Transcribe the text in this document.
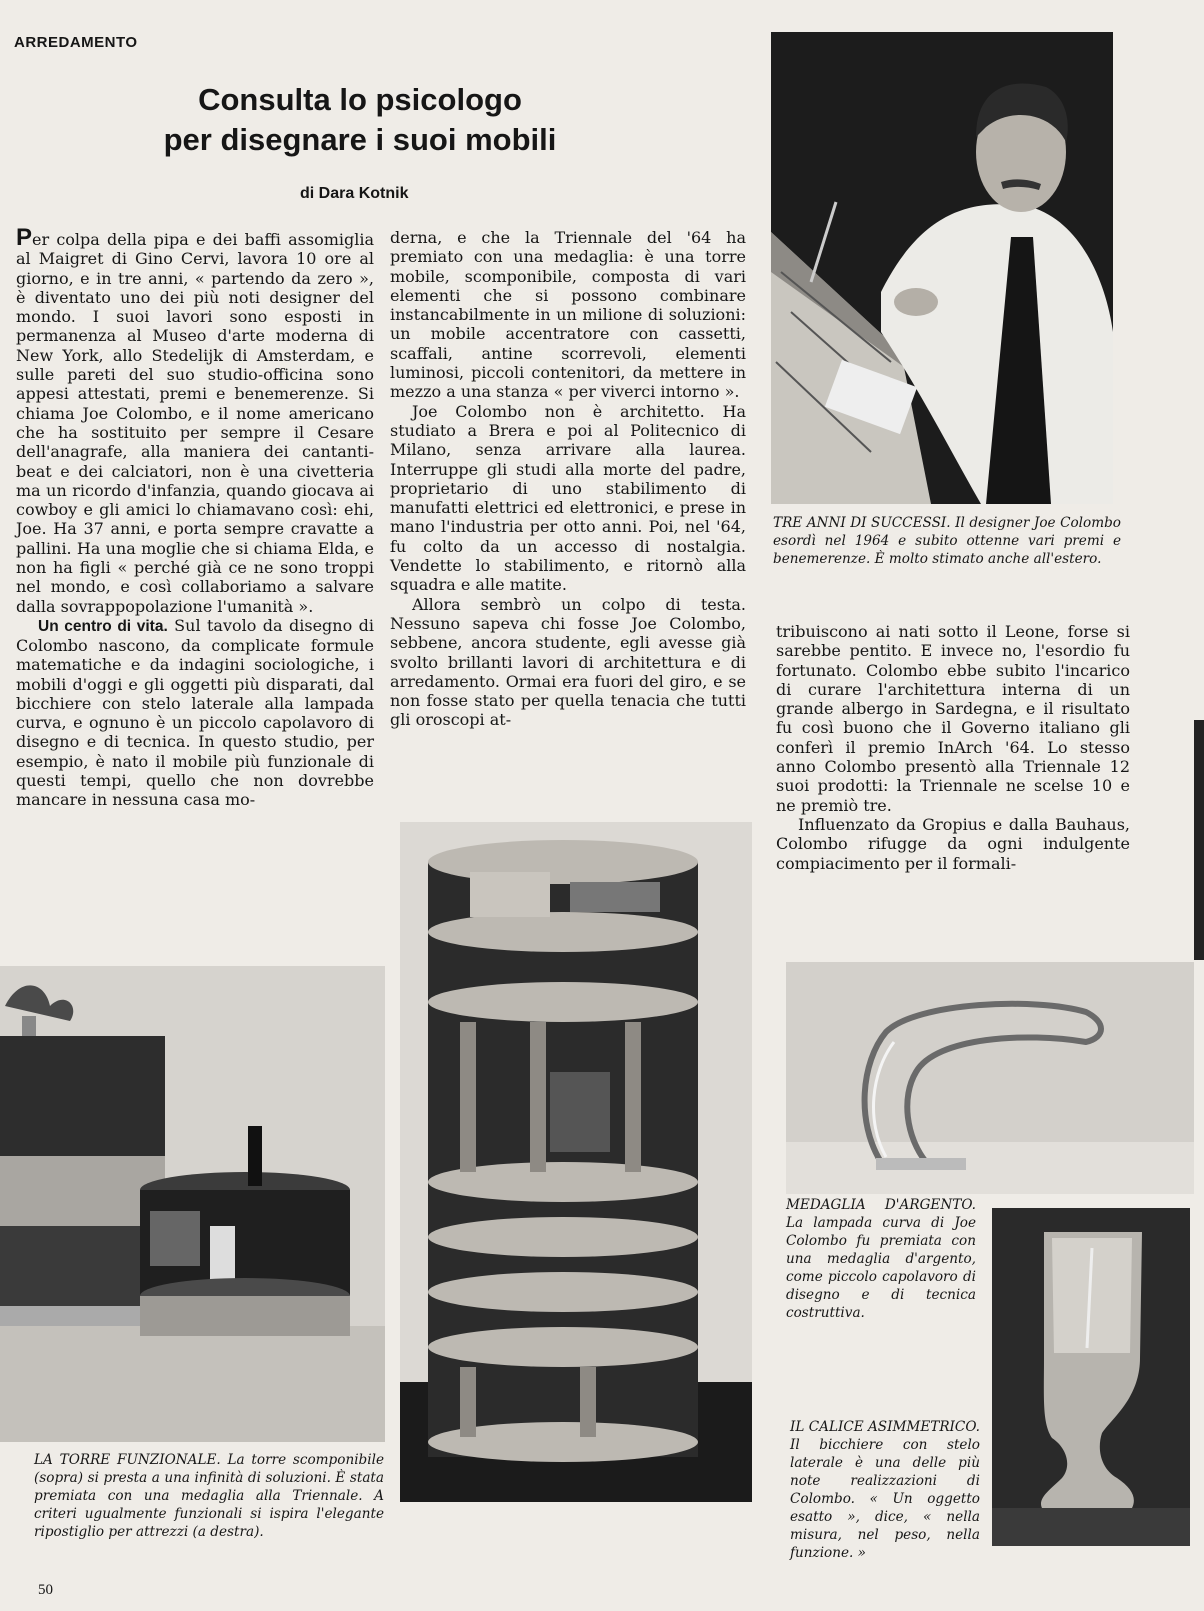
ARREDAMENTO
Consulta lo psicologo
per disegnare i suoi mobili
di Dara Kotnik

Per colpa della pipa e dei baffi assomiglia al Maigret di Gino Cervi, lavora 10 ore al giorno, e in tre anni, « partendo da zero », è diventato uno dei più noti designer del mondo. I suoi lavori sono esposti in permanenza al Museo d'arte moderna di New York, allo Stedelijk di Amsterdam, e sulle pareti del suo studio-officina sono appesi attestati, premi e benemerenze. Si chiama Joe Colombo, e il nome americano che ha sostituito per sempre il Cesare dell'anagrafe, alla maniera dei cantanti-beat e dei calciatori, non è una civetteria ma un ricordo d'infanzia, quando giocava ai cowboy e gli amici lo chiamavano così: ehi, Joe. Ha 37 anni, e porta sempre cravatte a pallini. Ha una moglie che si chiama Elda, e non ha figli « perché già ce ne sono troppi nel mondo, e così collaboriamo a salvare dalla sovrappopolazione l'umanità ».

Un centro di vita. Sul tavolo da disegno di Colombo nascono, da complicate formule matematiche e da indagini sociologiche, i mobili d'oggi e gli oggetti più disparati, dal bicchiere con stelo laterale alla lampada curva, e ognuno è un piccolo capolavoro di disegno e di tecnica. In questo studio, per esempio, è nato il mobile più funzionale di questi tempi, quello che non dovrebbe mancare in nessuna casa mo-

derna, e che la Triennale del '64 ha premiato con una medaglia: è una torre mobile, scomponibile, composta di vari elementi che si possono combinare instancabilmente in un milione di soluzioni: un mobile accentratore con cassetti, scaffali, antine scorrevoli, elementi luminosi, piccoli contenitori, da mettere in mezzo a una stanza « per viverci intorno ».

Joe Colombo non è architetto. Ha studiato a Brera e poi al Politecnico di Milano, senza arrivare alla laurea. Interruppe gli studi alla morte del padre, proprietario di uno stabilimento di manufatti elettrici ed elettronici, e prese in mano l'industria per otto anni. Poi, nel '64, fu colto da un accesso di nostalgia. Vendette lo stabilimento, e ritornò alla squadra e alle matite.

Allora sembrò un colpo di testa. Nessuno sapeva chi fosse Joe Colombo, sebbene, ancora studente, egli avesse già svolto brillanti lavori di architettura e di arredamento. Ormai era fuori del giro, e se non fosse stato per quella tenacia che tutti gli oroscopi at-

tribuiscono ai nati sotto il Leone, forse si sarebbe pentito. E invece no, l'esordio fu fortunato. Colombo ebbe subito l'incarico di curare l'architettura interna di un grande albergo in Sardegna, e il risultato fu così buono che il Governo italiano gli conferì il premio InArch '64. Lo stesso anno Colombo presentò alla Triennale 12 suoi prodotti: la Triennale ne scelse 10 e ne premiò tre.

Influenzato da Gropius e dalla Bauhaus, Colombo rifugge da ogni indulgente compiacimento per il formali-

TRE ANNI DI SUCCESSI. Il designer Joe Colombo esordì nel 1964 e subito ottenne vari premi e benemerenze. È molto stimato anche all'estero.
LA TORRE FUNZIONALE. La torre scomponibile (sopra) si presta a una infinità di soluzioni. È stata premiata con una medaglia alla Triennale. A criteri ugualmente funzionali si ispira l'elegante ripostiglio per attrezzi (a destra).
MEDAGLIA D'ARGENTO. La lampada curva di Joe Colombo fu premiata con una medaglia d'argento, come piccolo capolavoro di disegno e di tecnica costruttiva.
IL CALICE ASIMMETRICO. Il bicchiere con stelo laterale è una delle più note realizzazioni di Colombo. « Un oggetto esatto », dice, « nella misura, nel peso, nella funzione. »
50
